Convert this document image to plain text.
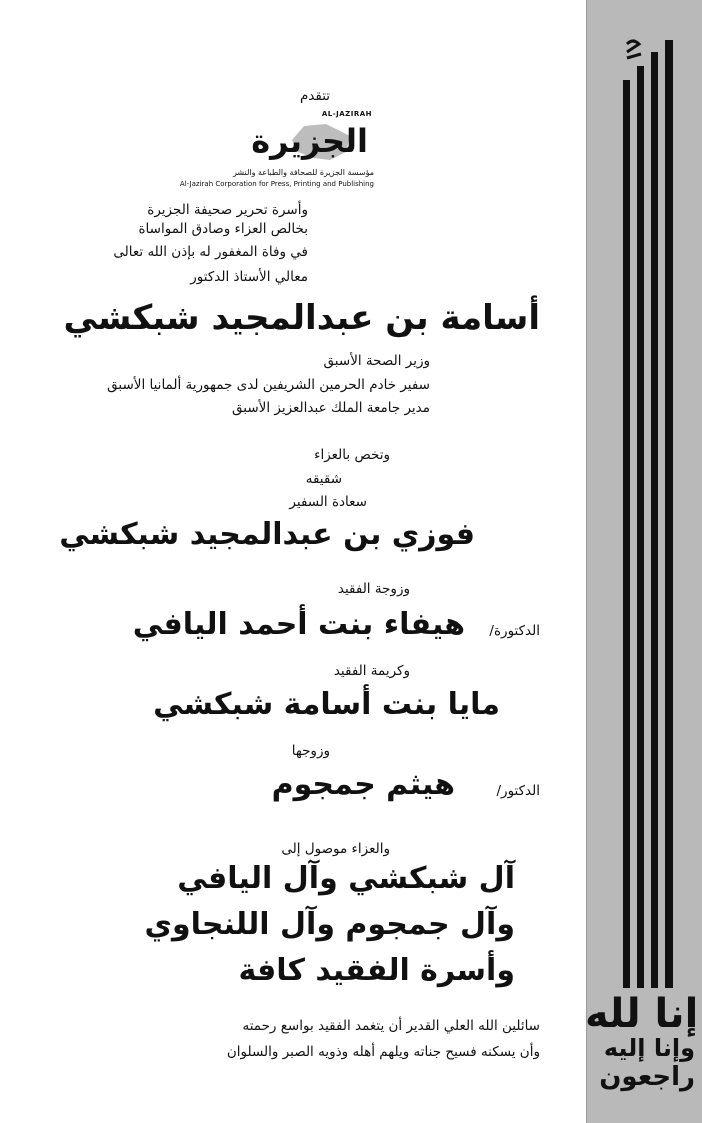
إنا لله
وإنا إليه
راجعون
تتقدم
AL-JAZIRAH
الجزيرة
مؤسسة الجزيرة للصحافة والطباعة والنشر
Al-Jazirah Corporation for Press, Printing and Publishing
وأسرة تحرير صحيفة الجزيرة
بخالص العزاء وصادق المواساة
في وفاة المغفور له بإذن الله تعالى
معالي الأستاذ الدكتور
أسامة بن عبدالمجيد شبكشي
وزير الصحة الأسبق
سفير خادم الحرمين الشريفين لدى جمهورية ألمانيا الأسبق
مدير جامعة الملك عبدالعزيز الأسبق
وتخص بالعزاء
شقيقه
سعادة السفير
فوزي بن عبدالمجيد شبكشي
وزوجة الفقيد
الدكتورة/
هيفاء بنت أحمد اليافي
وكريمة الفقيد
مايا بنت أسامة شبكشي
وزوجها
الدكتور/
هيثم جمجوم
والعزاء موصول إلى
آل شبكشي وآل اليافي
وآل جمجوم وآل اللنجاوي
وأسرة الفقيد كافة
سائلين الله العلي القدير أن يتغمد الفقيد بواسع رحمته
وأن يسكنه فسيح جناته ويلهم أهله وذويه الصبر والسلوان
